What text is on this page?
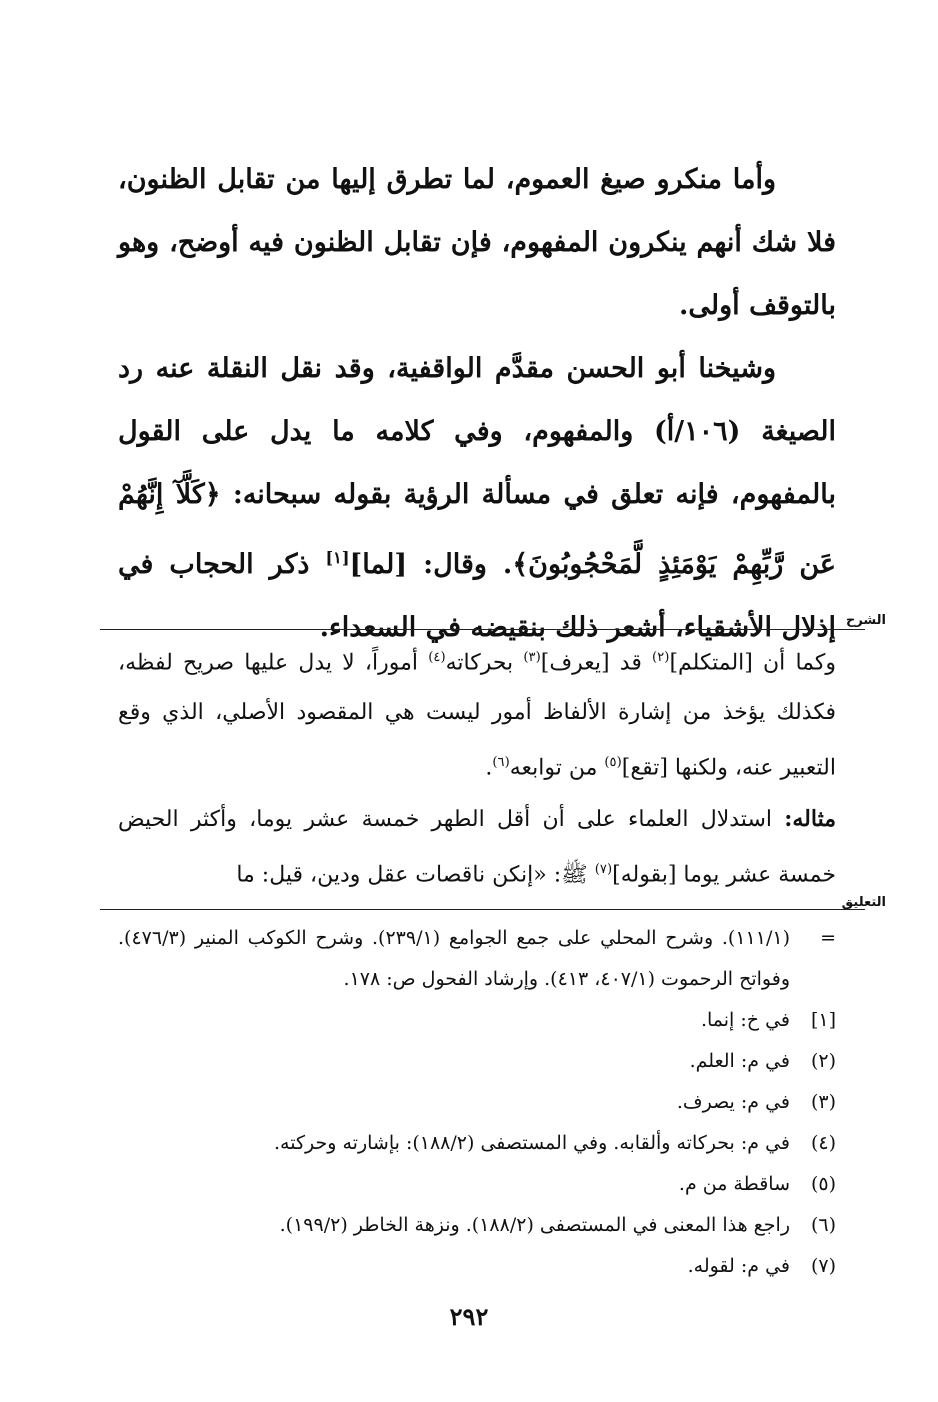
وأما منكرو صيغ العموم، لما تطرق إليها من تقابل الظنون، فلا شك أنهم ينكرون المفهوم، فإن تقابل الظنون فيه أوضح، وهو بالتوقف أولى.

وشيخنا أبو الحسن مقدَّم الواقفية، وقد نقل النقلة عنه رد الصيغة (١٠٦/أ) والمفهوم، وفي كلامه ما يدل على القول بالمفهوم، فإنه تعلق في مسألة الرؤية بقوله سبحانه: ﴿كَلَّآ إِنَّهُمْ عَن رَّبِّهِمْ يَوْمَئِذٍ لَّمَحْجُوبُونَ﴾. وقال: [لما][١] ذكر الحجاب في إذلال الأشقياء، أشعر ذلك بنقيضه في السعداء. الشرح

وكما أن [المتكلم]$^{(٢)}$ قد [يعرف]$^{(٣)}$ بحركاته$^{(٤)}$ أموراً، لا يدل عليها صريح لفظه، فكذلك يؤخذ من إشارة الألفاظ أمور ليست هي المقصود الأصلي، الذي وقع التعبير عنه، ولكنها [تقع]$^{(٥)}$ من توابعه$^{(٦)}$.

مثاله: استدلال العلماء على أن أقل الطهر خمسة عشر يوما، وأكثر الحيض خمسة عشر يوما [بقوله]$^{(٧)}$ ﷺ: «إنكن ناقصات عقل ودين، قيل: ما

التعليق
=
(١١١/١). وشرح المحلي على جمع الجوامع (٢٣٩/١). وشرح الكوكب المنير (٤٧٦/٣). وفواتح الرحموت (٤٠٧/١، ٤١٣). وإرشاد الفحول ص: ١٧٨.
[١]
في خ: إنما.
(٢)
في م: العلم.
(٣)
في م: يصرف.
(٤)
في م: بحركاته وألقابه. وفي المستصفى (١٨٨/٢): بإشارته وحركته.
(٥)
ساقطة من م.
(٦)
راجع هذا المعنى في المستصفى (١٨٨/٢). ونزهة الخاطر (١٩٩/٢).
(٧)
في م: لقوله.
٢٩٢
